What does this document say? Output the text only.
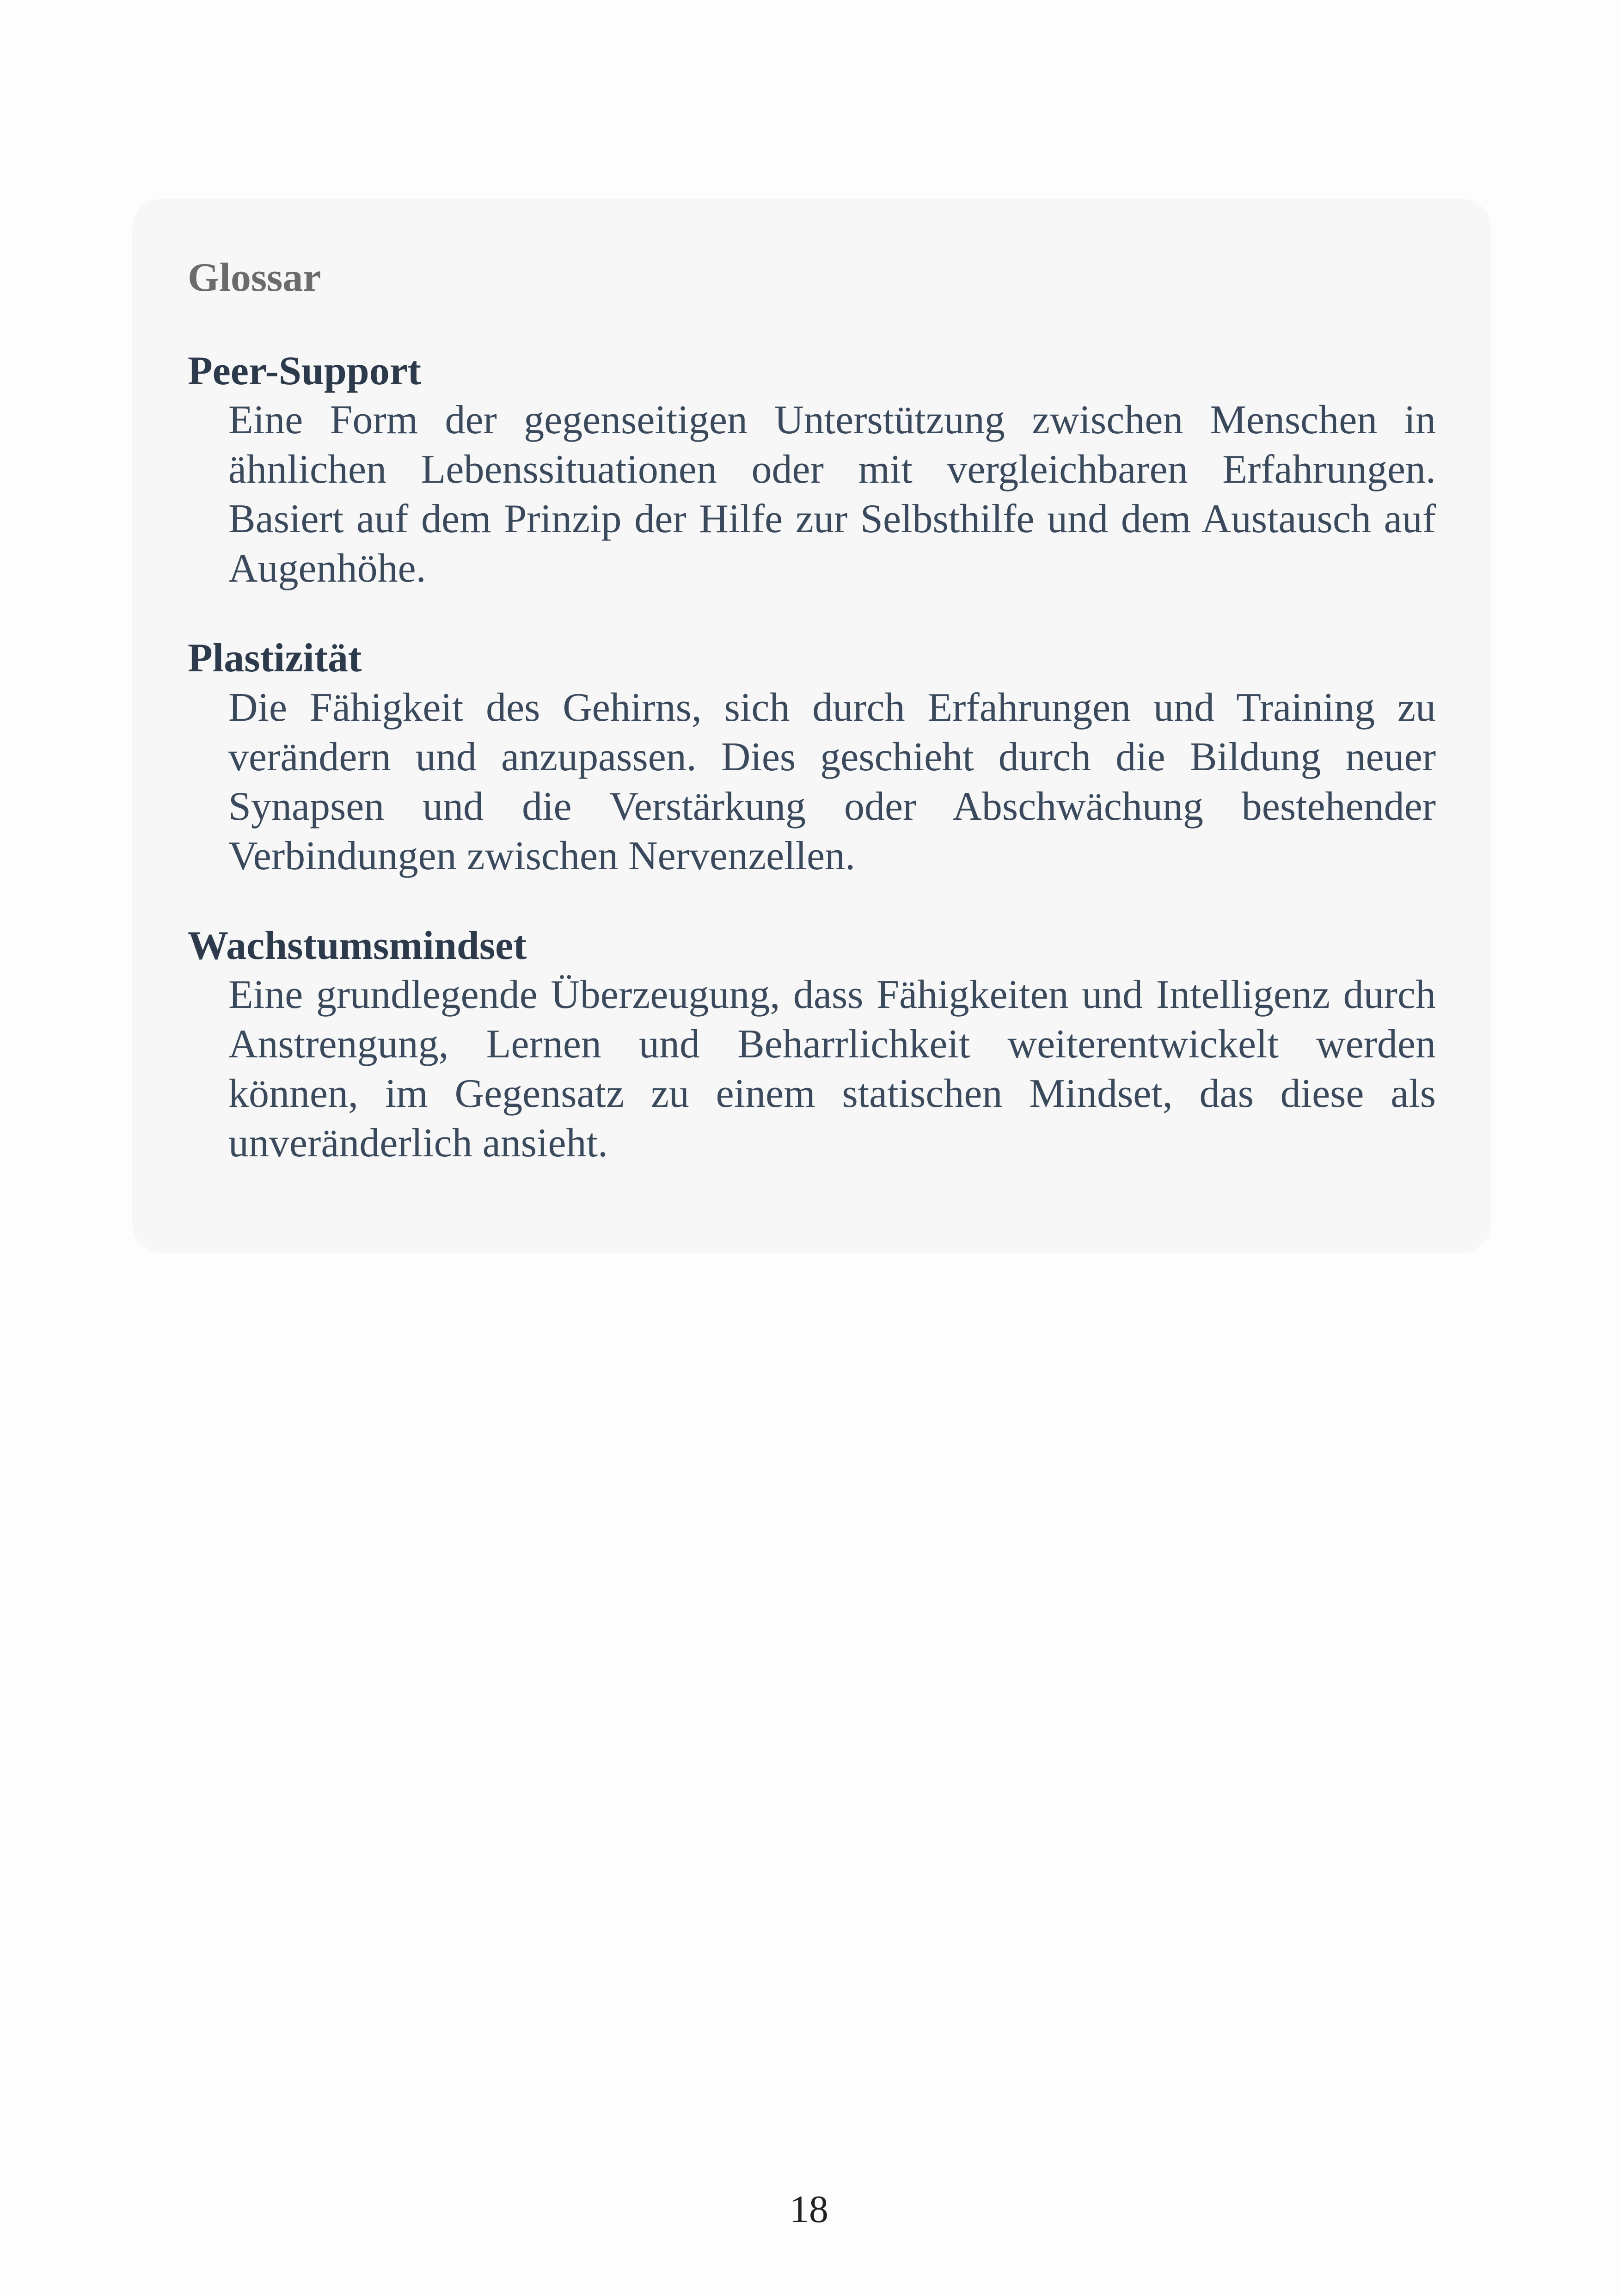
Glossar
Peer-Support
Eine Form der gegenseitigen Unterstützung zwischen Menschen in ähnlichen Lebenssituationen oder mit vergleichbaren Erfahrungen. Basiert auf dem Prinzip der Hilfe zur Selbsthilfe und dem Austausch auf Augenhöhe.
Plastizität
Die Fähigkeit des Gehirns, sich durch Erfahrungen und Training zu verändern und anzupassen. Dies geschieht durch die Bildung neuer Synapsen und die Verstärkung oder Abschwächung bestehender Verbindungen zwischen Nervenzellen.
Wachstumsmindset
Eine grundlegende Überzeugung, dass Fähigkeiten und Intelligenz durch Anstrengung, Lernen und Beharrlichkeit weiterentwickelt werden können, im Gegensatz zu einem statischen Mindset, das diese als unveränderlich ansieht.
18
